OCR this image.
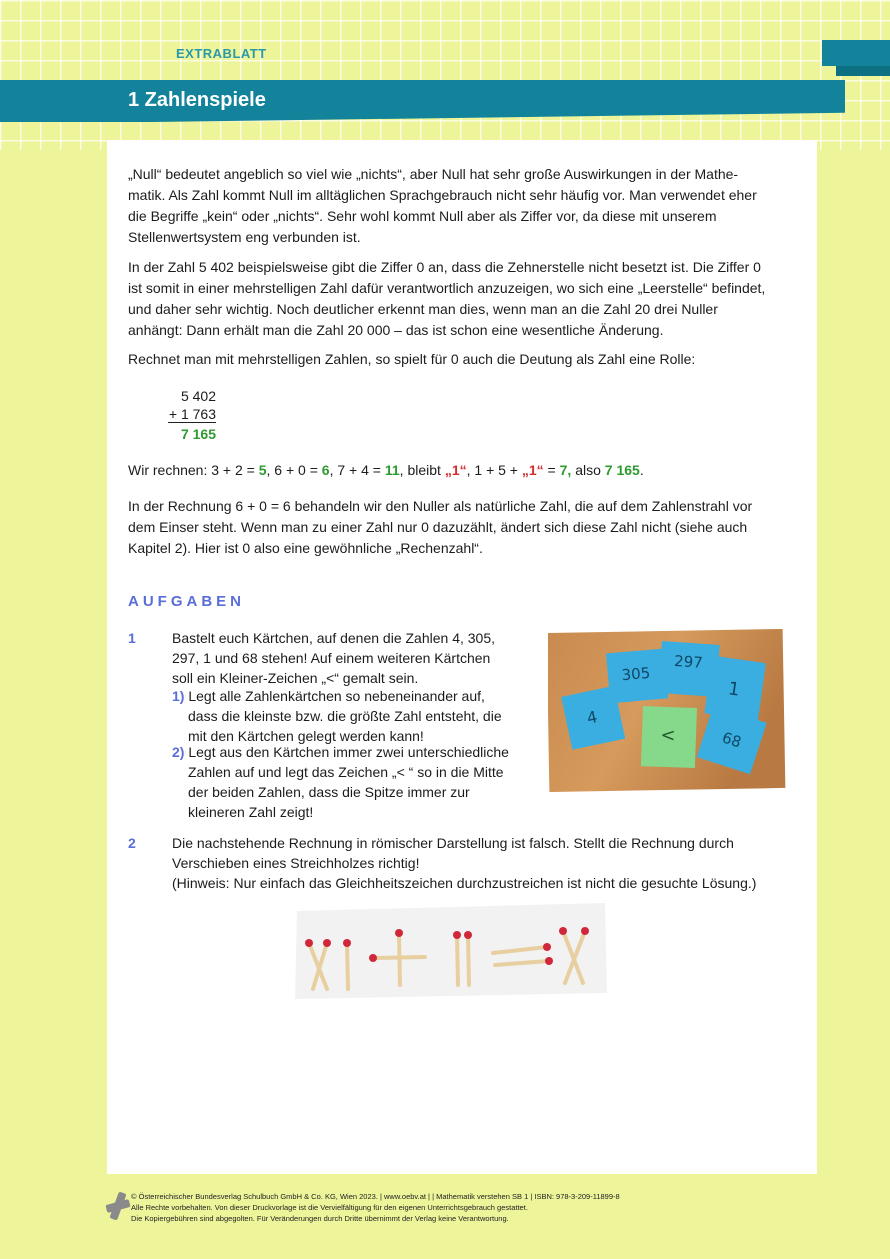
EXTRABLATT
1 Zahlenspiele

„Null“ bedeutet angeblich so viel wie „nichts“, aber Null hat sehr große Auswirkungen in der Mathe-matik. Als Zahl kommt Null im alltäglichen Sprachgebrauch nicht sehr häufig vor. Man verwendet eher die Begriffe „kein“ oder „nichts“. Sehr wohl kommt Null aber als Ziffer vor, da diese mit unserem Stellenwertsystem eng verbunden ist.

In der Zahl 5 402 beispielsweise gibt die Ziffer 0 an, dass die Zehnerstelle nicht besetzt ist. Die Ziffer 0 ist somit in einer mehrstelligen Zahl dafür verantwortlich anzuzeigen, wo sich eine „Leerstelle“ befindet, und daher sehr wichtig. Noch deutlicher erkennt man dies, wenn man an die Zahl 20 drei Nuller anhängt: Dann erhält man die Zahl 20 000 – das ist schon eine wesentliche Änderung.

Rechnet man mit mehrstelligen Zahlen, so spielt für 0 auch die Deutung als Zahl eine Rolle:

5 402
+ 1 763
7 165

Wir rechnen: 3 + 2 = 5, 6 + 0 = 6, 7 + 4 = 11, bleibt „1“, 1 + 5 + „1“ = 7, also 7 165.

In der Rechnung 6 + 0 = 6 behandeln wir den Nuller als natürliche Zahl, die auf dem Zahlenstrahl vor dem Einser steht. Wenn man zu einer Zahl nur 0 dazuzählt, ändert sich diese Zahl nicht (siehe auch Kapitel 2). Hier ist 0 also eine gewöhnliche „Rechenzahl“.

AUFGABEN
1	Bastelt euch Kärtchen, auf denen die Zahlen 4, 305,
297, 1 und 68 stehen! Auf einem weiteren Kärtchen
soll ein Kleiner-Zeichen „<“ gemalt sein.
1) Legt alle Zahlenkärtchen so nebeneinander auf,
dass die kleinste bzw. die größte Zahl entsteht, die
mit den Kärtchen gelegt werden kann!
2) Legt aus den Kärtchen immer zwei unterschiedliche
Zahlen auf und legt das Zeichen „< “ so in die Mitte
der beiden Zahlen, dass die Spitze immer zur
kleineren Zahl zeigt!
305
297
1
4
<	68
2	Die nachstehende Rechnung in römischer Darstellung ist falsch. Stellt die Rechnung durch
Verschieben eines Streichholzes richtig!
(Hinweis: Nur einfach das Gleichheitszeichen durchzustreichen ist nicht die gesuchte Lösung.)
© Österreichischer Bundesverlag Schulbuch GmbH & Co. KG, Wien 2023. | www.oebv.at | | Mathematik verstehen SB 1 | ISBN: 978-3-209-11899-8
Alle Rechte vorbehalten. Von dieser Druckvorlage ist die Vervielfältigung für den eigenen Unterrichtsgebrauch gestattet.
Die Kopiergebühren sind abgegolten. Für Veränderungen durch Dritte übernimmt der Verlag keine Verantwortung.
